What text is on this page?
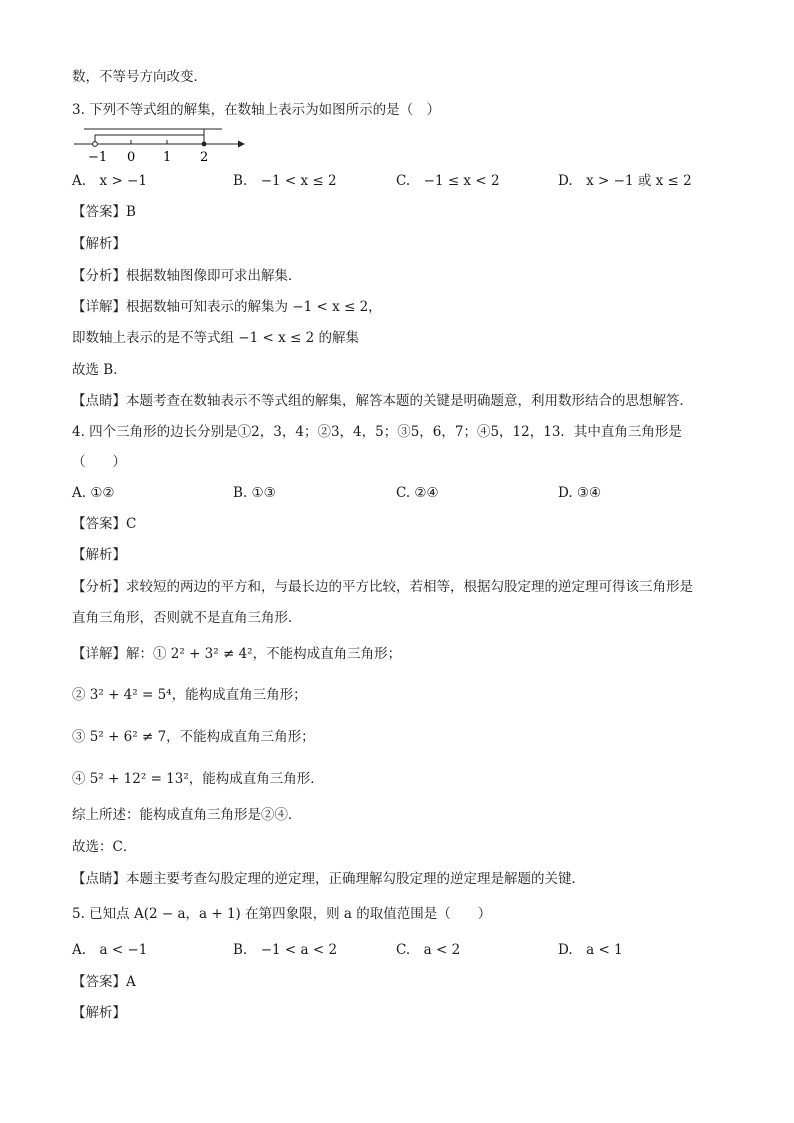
数，不等号方向改变．
3. 下列不等式组的解集，在数轴上表示为如图所示的是（　）
−1 0 1 2
A.　x > −1	B.　−1 < x ≤ 2	C.　−1 ≤ x < 2	D.　x > −1 或 x ≤ 2
【答案】B
【解析】
【分析】根据数轴图像即可求出解集．
【详解】根据数轴可知表示的解集为 −1 < x ≤ 2，
即数轴上表示的是不等式组 −1 < x ≤ 2 的解集
故选 B．
【点睛】本题考查在数轴表示不等式组的解集，解答本题的关键是明确题意，利用数形结合的思想解答．
4. 四个三角形的边长分别是①2，3，4；②3，4，5；③5，6，7；④5，12，13．其中直角三角形是
（　　）
A. ①②	B. ①③	C. ②④	D. ③④
【答案】C
【解析】
【分析】求较短的两边的平方和，与最长边的平方比较，若相等，根据勾股定理的逆定理可得该三角形是
直角三角形，否则就不是直角三角形．
【详解】解：① 2² + 3² ≠ 4²，不能构成直角三角形；
② 3² + 4² = 5⁴，能构成直角三角形；
③ 5² + 6² ≠ 7，不能构成直角三角形；
④ 5² + 12² = 13²，能构成直角三角形．
综上所述：能构成直角三角形是②④．
故选：C．
【点睛】本题主要考查勾股定理的逆定理，正确理解勾股定理的逆定理是解题的关键．
5. 已知点 A(2 − a，a + 1) 在第四象限，则 a 的取值范围是（　　）
A.　a < −1	B.　−1 < a < 2	C.　a < 2	D.　a < 1
【答案】A
【解析】
